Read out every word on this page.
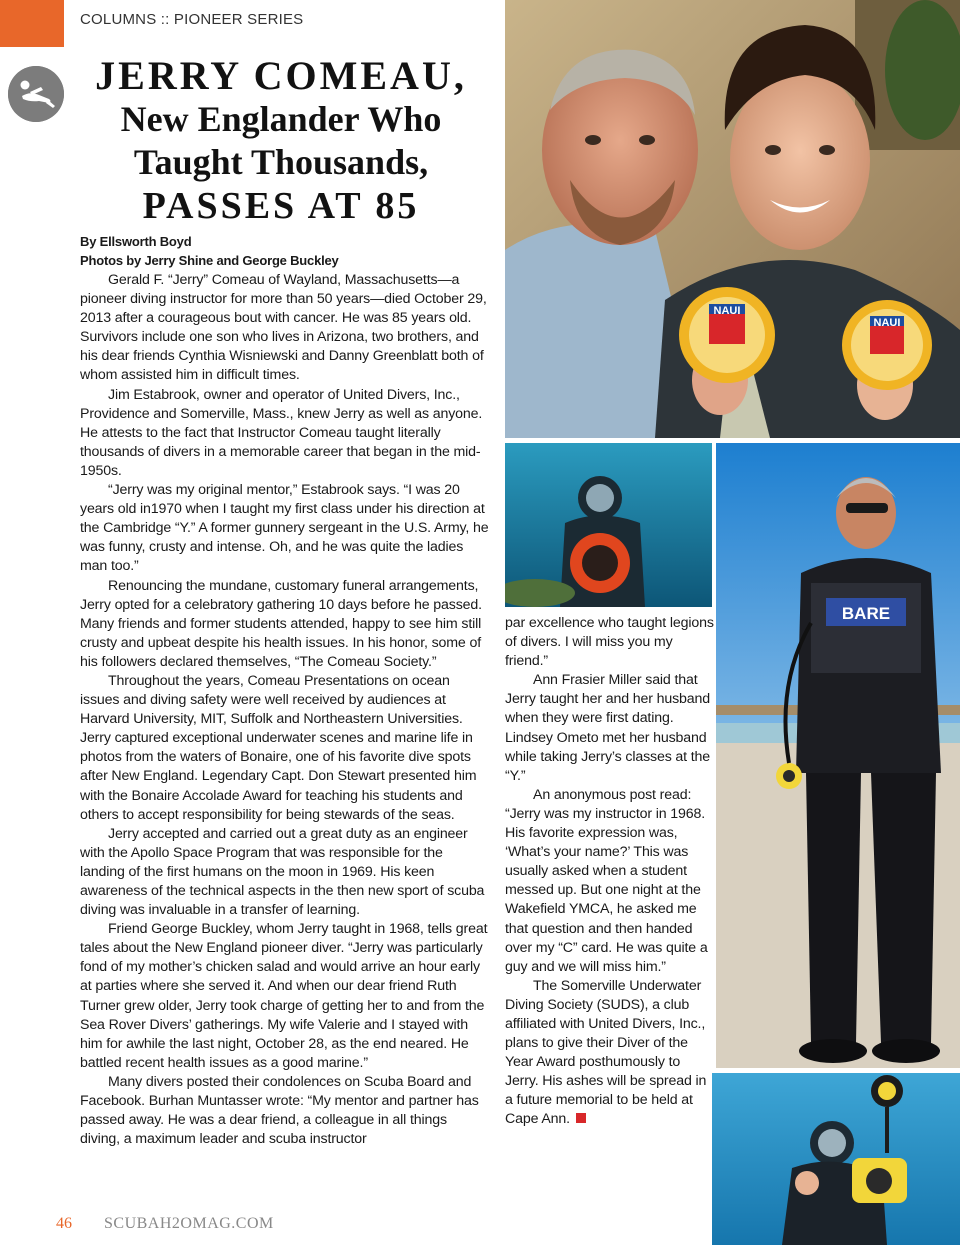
COLUMNS :: PIONEER SERIES
JERRY COMEAU,
New Englander Who
Taught Thousands,
PASSES AT 85
By Ellsworth Boyd
Photos by Jerry Shine and George Buckley

Gerald F. “Jerry” Comeau of Wayland, Massachusetts—a pioneer diving instructor for more than 50 years—died October 29, 2013 after a courageous bout with cancer. He was 85 years old. Survivors include one son who lives in Arizona, two brothers, and his dear friends Cynthia Wisniewski and Danny Greenblatt both of whom assisted him in difficult times.

Jim Estabrook, owner and operator of United Divers, Inc., Providence and Somerville, Mass., knew Jerry as well as anyone. He attests to the fact that Instructor Comeau taught literally thousands of divers in a memorable career that began in the mid-1950s.

“Jerry was my original mentor,” Estabrook says. “I was 20 years old in1970 when I taught my first class under his direction at the Cambridge “Y.” A former gunnery sergeant in the U.S. Army, he was funny, crusty and intense. Oh, and he was quite the ladies man too.”

Renouncing the mundane, customary funeral arrangements, Jerry opted for a celebratory gathering 10 days before he passed. Many friends and former students attended, happy to see him still crusty and upbeat despite his health issues. In his honor, some of his followers declared themselves, “The Comeau Society.”

Throughout the years, Comeau Presentations on ocean issues and diving safety were well received by audiences at Harvard University, MIT, Suffolk and Northeastern Universities. Jerry captured exceptional underwater scenes and marine life in photos from the waters of Bonaire, one of his favorite dive spots after New England. Legendary Capt. Don Stewart presented him with the Bonaire Accolade Award for teaching his students and others to accept responsibility for being stewards of the seas.

Jerry accepted and carried out a great duty as an engineer with the Apollo Space Program that was responsible for the landing of the first humans on the moon in 1969. His keen awareness of the technical aspects in the then new sport of scuba diving was invaluable in a transfer of learning.

Friend George Buckley, whom Jerry taught in 1968, tells great tales about the New England pioneer diver. “Jerry was particularly fond of my mother’s chicken salad and would arrive an hour early at parties where she served it. And when our dear friend Ruth Turner grew older, Jerry took charge of getting her to and from the Sea Rover Divers’ gatherings. My wife Valerie and I stayed with him for awhile the last night, October 28, as the end neared. He battled recent health issues as a good marine.”

Many divers posted their condolences on Scuba Board and Facebook. Burhan Muntasser wrote: “My mentor and partner has passed away. He was a dear friend, a colleague in all things diving, a maximum leader and scuba instructor

par excellence who taught legions of divers. I will miss you my friend.”

Ann Frasier Miller said that Jerry taught her and her husband when they were first dating. Lindsey Ometo met her husband while taking Jerry’s classes at the “Y.”

An anonymous post read: “Jerry was my instructor in 1968. His favorite expression was, ‘What’s your name?’ This was usually asked when a student messed up. But one night at the Wakefield YMCA, he asked me that question and then handed over my “C” card. He was quite a guy and we will miss him.”

The Somerville Underwater Diving Society (SUDS), a club affiliated with United Divers, Inc., plans to give their Diver of the Year Award posthumously to Jerry. His ashes will be spread in a future memorial to be held at Cape Ann.

NAUI
NAUI
BARE
46 SCUBAH2OMAG.COM
